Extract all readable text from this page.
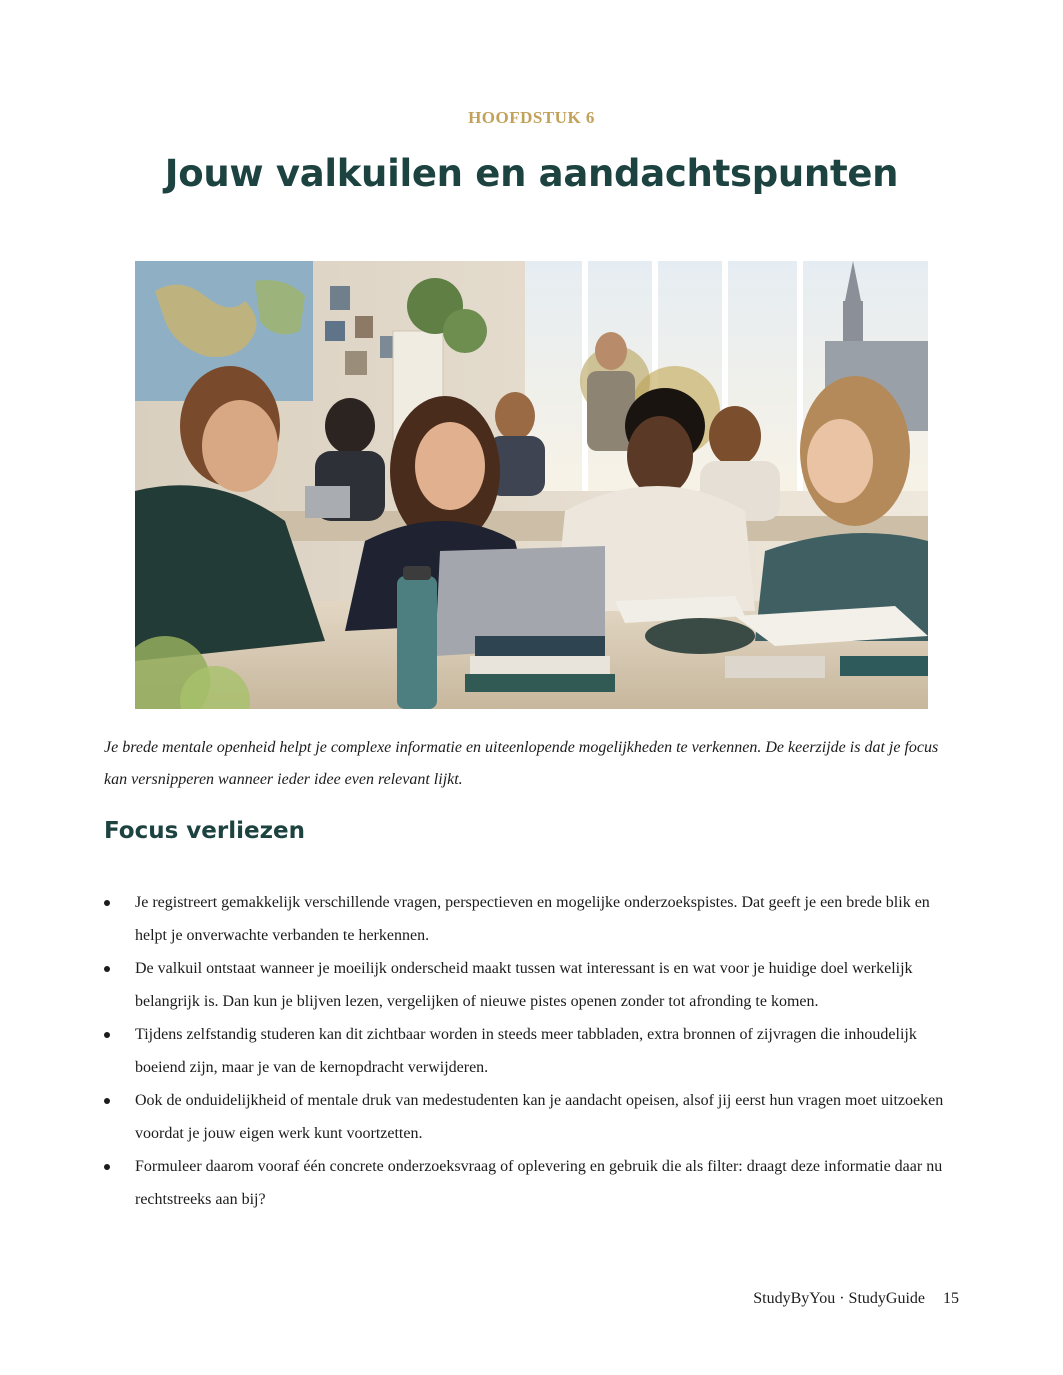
HOOFDSTUK 6
Jouw valkuilen en aandachtspunten
Je brede mentale openheid helpt je complexe informatie en uiteenlopende mogelijkheden te verkennen. De keerzijde is dat je focus kan versnipperen wanneer ieder idee even relevant lijkt.
Focus verliezen
Je registreert gemakkelijk verschillende vragen, perspectieven en mogelijke onderzoekspistes. Dat geeft je een brede blik en helpt je onverwachte verbanden te herkennen.
De valkuil ontstaat wanneer je moeilijk onderscheid maakt tussen wat interessant is en wat voor je huidige doel werkelijk belangrijk is. Dan kun je blijven lezen, vergelijken of nieuwe pistes openen zonder tot afronding te komen.
Tijdens zelfstandig studeren kan dit zichtbaar worden in steeds meer tabbladen, extra bronnen of zijvragen die inhoudelijk boeiend zijn, maar je van de kernopdracht verwijderen.
Ook de onduidelijkheid of mentale druk van medestudenten kan je aandacht opeisen, alsof jij eerst hun vragen moet uitzoeken voordat je jouw eigen werk kunt voortzetten.
Formuleer daarom vooraf één concrete onderzoeksvraag of oplevering en gebruik die als filter: draagt deze informatie daar nu rechtstreeks aan bij?
StudyByYou · StudyGuide 15
